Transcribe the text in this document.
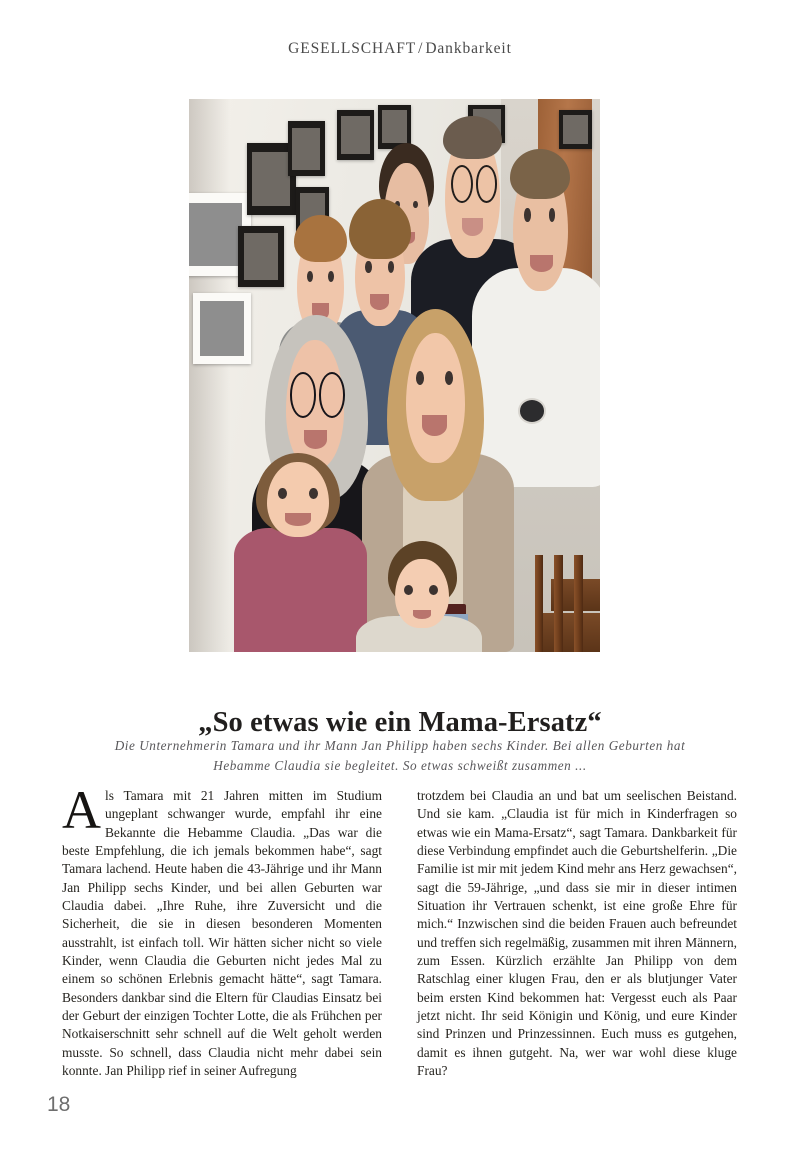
GESELLSCHAFT / Dankbarkeit
„So etwas wie ein Mama-Ersatz“
Die Unternehmerin Tamara und ihr Mann Jan Philipp haben sechs Kinder. Bei allen Geburten hat Hebamme Claudia sie begleitet. So etwas schweißt zusammen ...

Als Tamara mit 21 Jahren mitten im Studium ungeplant schwanger wurde, empfahl ihr eine Bekannte die Hebamme Claudia. „Das war die beste Empfehlung, die ich jemals bekommen habe“, sagt Tamara lachend. Heute haben die 43-Jährige und ihr Mann Jan Philipp sechs Kinder, und bei allen Geburten war Claudia dabei. „Ihre Ruhe, ihre Zuversicht und die Sicherheit, die sie in diesen besonderen Momenten ausstrahlt, ist einfach toll. Wir hätten sicher nicht so viele Kinder, wenn Claudia die Geburten nicht jedes Mal zu einem so schönen Erlebnis gemacht hätte“, sagt Tamara. Besonders dankbar sind die Eltern für Claudias Einsatz bei der Geburt der einzigen Tochter Lotte, die als Frühchen per Notkaiserschnitt sehr schnell auf die Welt geholt werden musste. So schnell, dass Claudia nicht mehr dabei sein konnte. Jan Philipp rief in seiner Aufregung

trotzdem bei Claudia an und bat um seelischen Beistand. Und sie kam. „Claudia ist für mich in Kinderfragen so etwas wie ein Mama-Ersatz“, sagt Tamara. Dankbarkeit für diese Verbindung empfindet auch die Geburtshelferin. „Die Familie ist mir mit jedem Kind mehr ans Herz gewachsen“, sagt die 59-Jährige, „und dass sie mir in dieser intimen Situation ihr Vertrauen schenkt, ist eine große Ehre für mich.“ Inzwischen sind die beiden Frauen auch befreundet und treffen sich regelmäßig, zusammen mit ihren Männern, zum Essen. Kürzlich erzählte Jan Philipp von dem Ratschlag einer klugen Frau, den er als blutjunger Vater beim ersten Kind bekommen hat: Vergesst euch als Paar jetzt nicht. Ihr seid Königin und König, und eure Kinder sind Prinzen und Prinzessinnen. Euch muss es gutgehen, damit es ihnen gutgeht. Na, wer war wohl diese kluge Frau?

18
